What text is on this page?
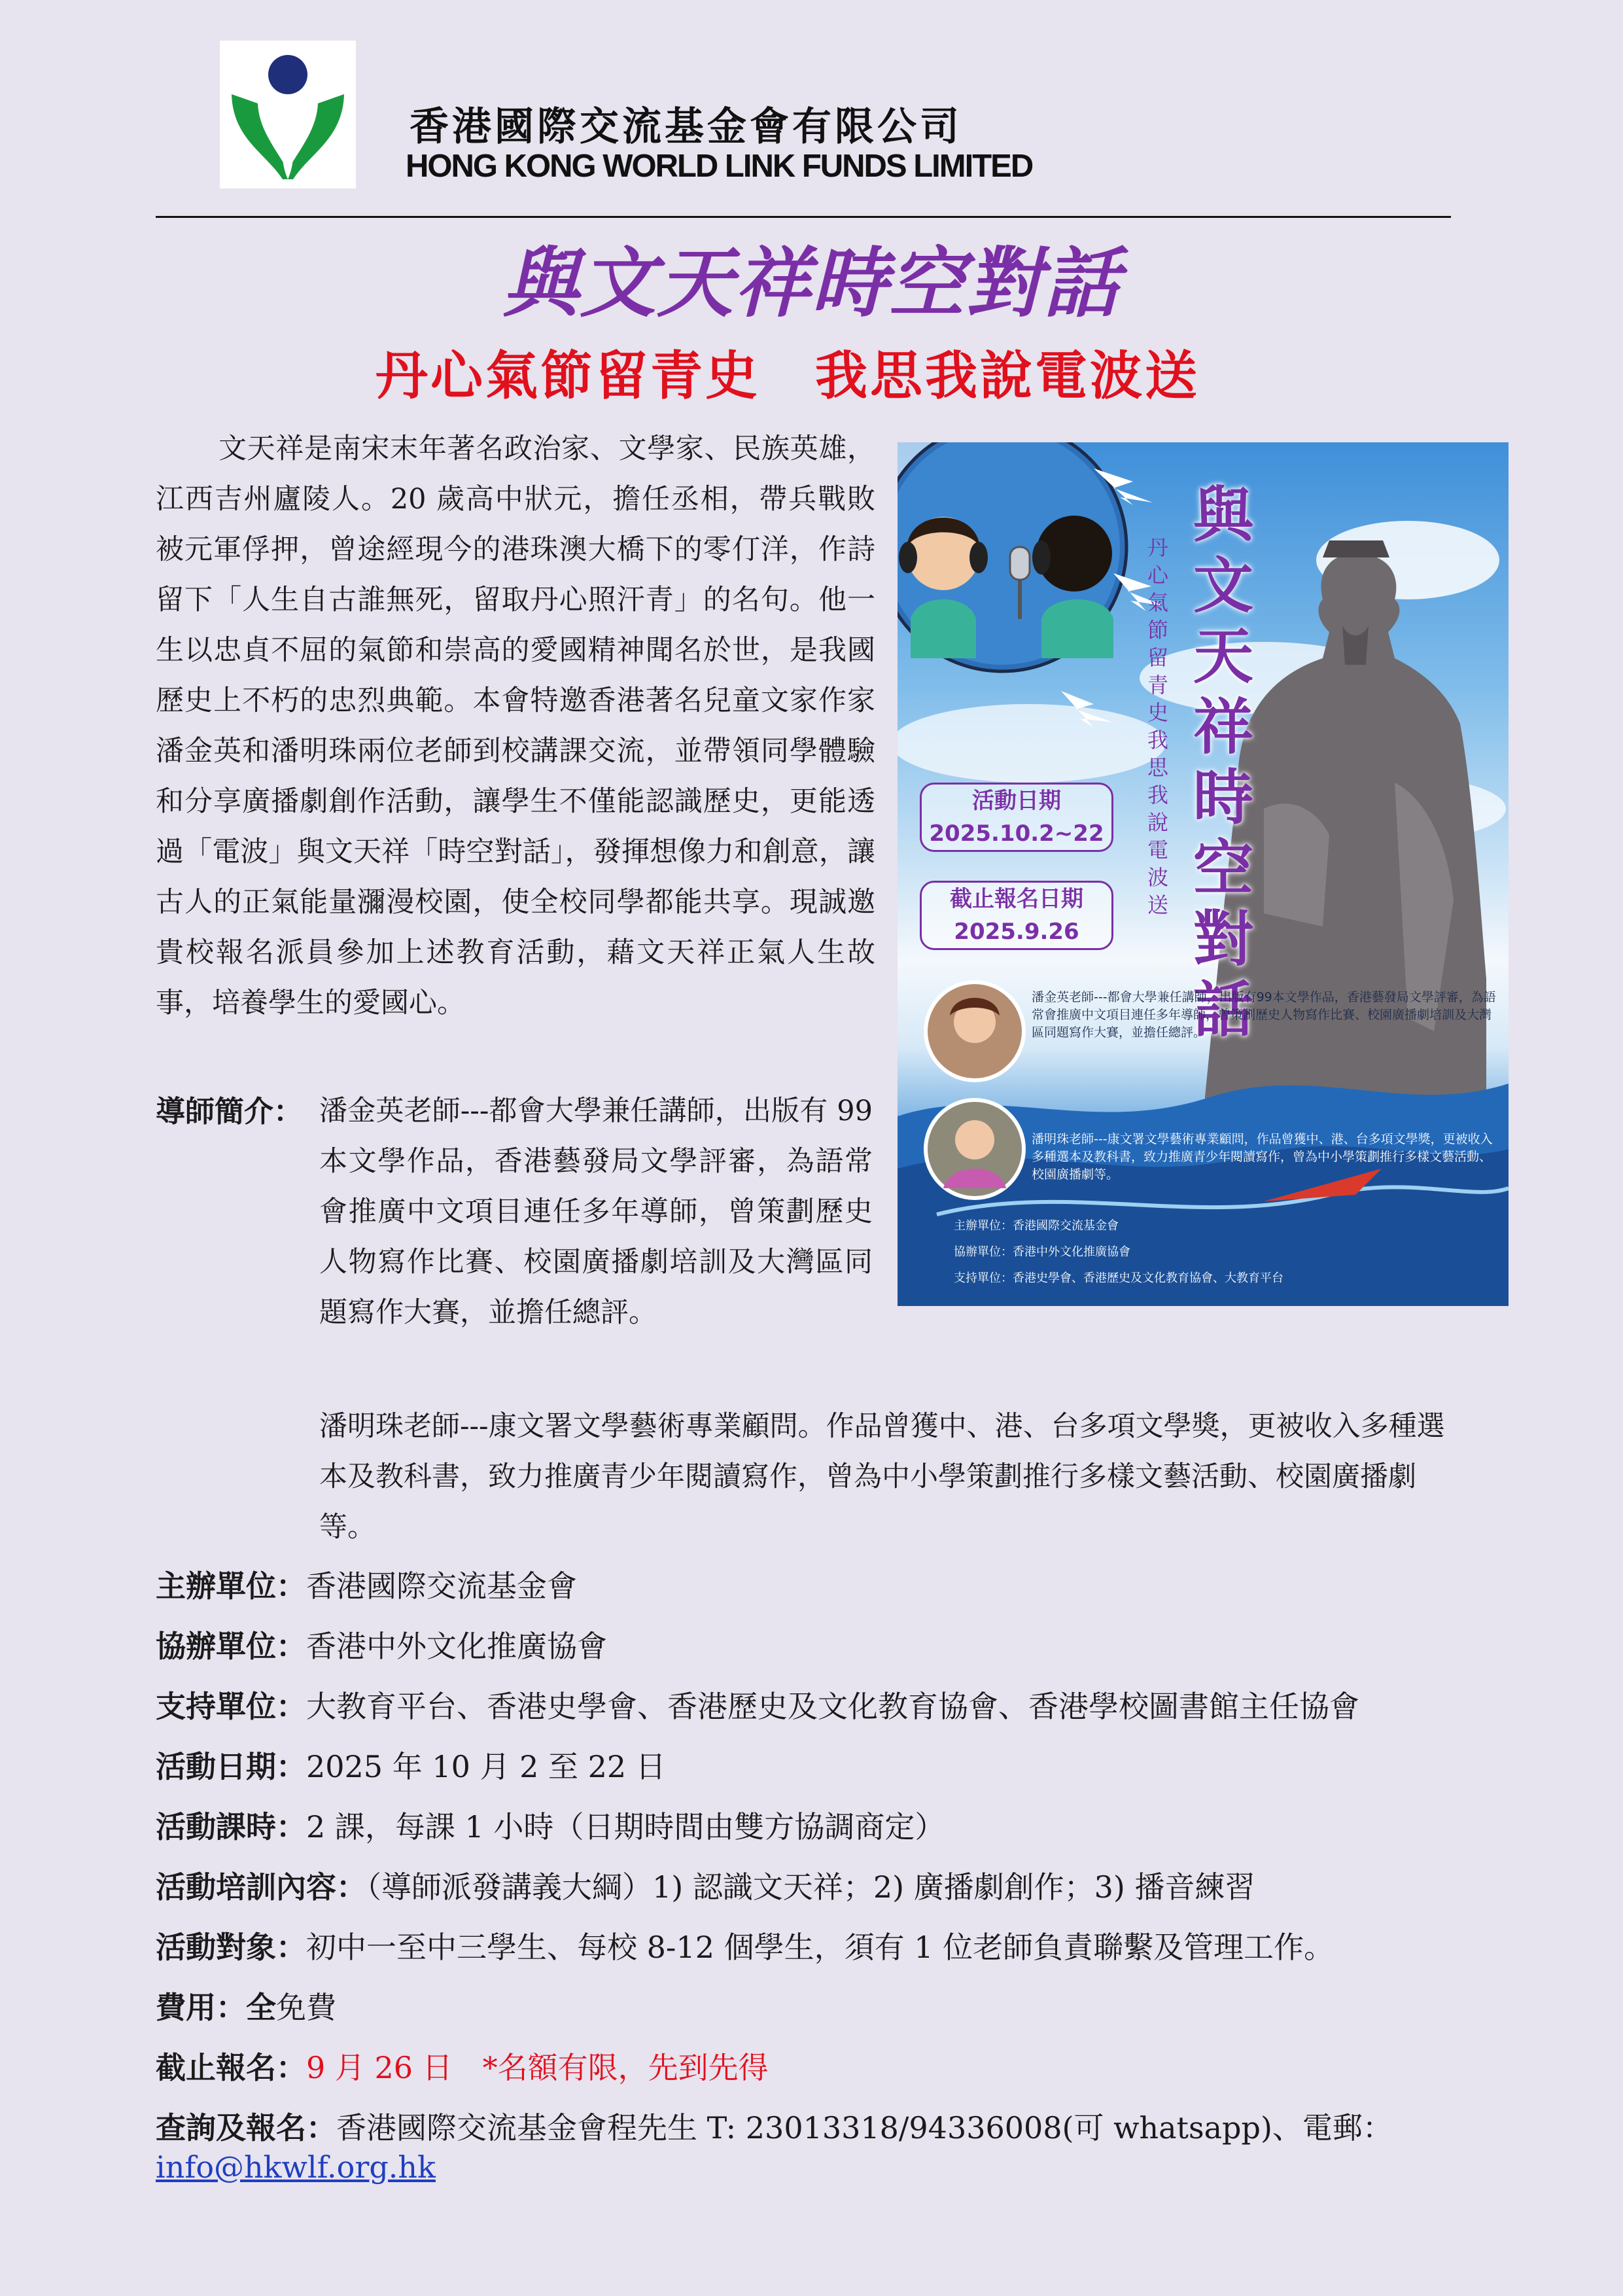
香港國際交流基金會有限公司
HONG KONG WORLD LINK FUNDS LIMITED
與文天祥時空對話
丹心氣節留青史　我思我說電波送

文天祥是南宋末年著名政治家、文學家、民族英雄，江西吉州廬陵人。20 歲高中狀元，擔任丞相，帶兵戰敗被元軍俘押，曾途經現今的港珠澳大橋下的零仃洋，作詩留下「人生自古誰無死，留取丹心照汗青」的名句。他一生以忠貞不屈的氣節和崇高的愛國精神聞名於世，是我國歷史上不朽的忠烈典範。本會特邀香港著名兒童文家作家潘金英和潘明珠兩位老師到校講課交流，並帶領同學體驗和分享廣播劇創作活動，讓學生不僅能認識歷史，更能透過「電波」與文天祥「時空對話」，發揮想像力和創意，讓古人的正氣能量瀰漫校園，使全校同學都能共享。現誠邀 貴校報名派員參加上述教育活動，藉文天祥正氣人生故事，培養學生的愛國心。

與文天祥時空對話
丹心氣節留青史　我思我說電波送
活動日期
2025.10.2~22
截止報名日期
2025.9.26
潘金英老師---都會大學兼任講師，出版有99本文學作品，香港藝發局文學評審，為語常會推廣中文項目連任多年導師，曾策劃歷史人物寫作比賽、校園廣播劇培訓及大灣區同題寫作大賽，並擔任總評。
潘明珠老師---康文署文學藝術專業顧問，作品曾獲中、港、台多項文學獎，更被收入多種選本及教科書，致力推廣青少年閱讀寫作，曾為中小學策劃推行多樣文藝活動、校園廣播劇等。
主辦單位：香港國際交流基金會
協辦單位：香港中外文化推廣協會
支持單位：香港史學會、香港歷史及文化教育協會、大教育平台
導師簡介： 潘金英老師---都會大學兼任講師，出版有 99 本文學作品，香港藝發局文學評審，為語常會推廣中文項目連任多年導師，曾策劃歷史人物寫作比賽、校園廣播劇培訓及大灣區同題寫作大賽，並擔任總評。
潘明珠老師---康文署文學藝術專業顧問。作品曾獲中、港、台多項文學獎，更被收入多種選本及教科書，致力推廣青少年閱讀寫作，曾為中小學策劃推行多樣文藝活動、校園廣播劇等。
主辦單位：香港國際交流基金會
協辦單位：香港中外文化推廣協會
支持單位：大教育平台、香港史學會、香港歷史及文化教育協會、香港學校圖書館主任協會
活動日期：2025 年 10 月 2 至 22 日
活動課時：2 課，每課 1 小時（日期時間由雙方協調商定）
活動培訓內容：（導師派發講義大綱）1) 認識文天祥；2) 廣播劇創作；3) 播音練習
活動對象：初中一至中三學生、每校 8-12 個學生，須有 1 位老師負責聯繫及管理工作。
費用：全免費
截止報名：9 月 26 日　*名額有限，先到先得
查詢及報名：香港國際交流基金會程先生 T: 23013318/94336008(可 whatsapp)、電郵：
info@hkwlf.org.hk
